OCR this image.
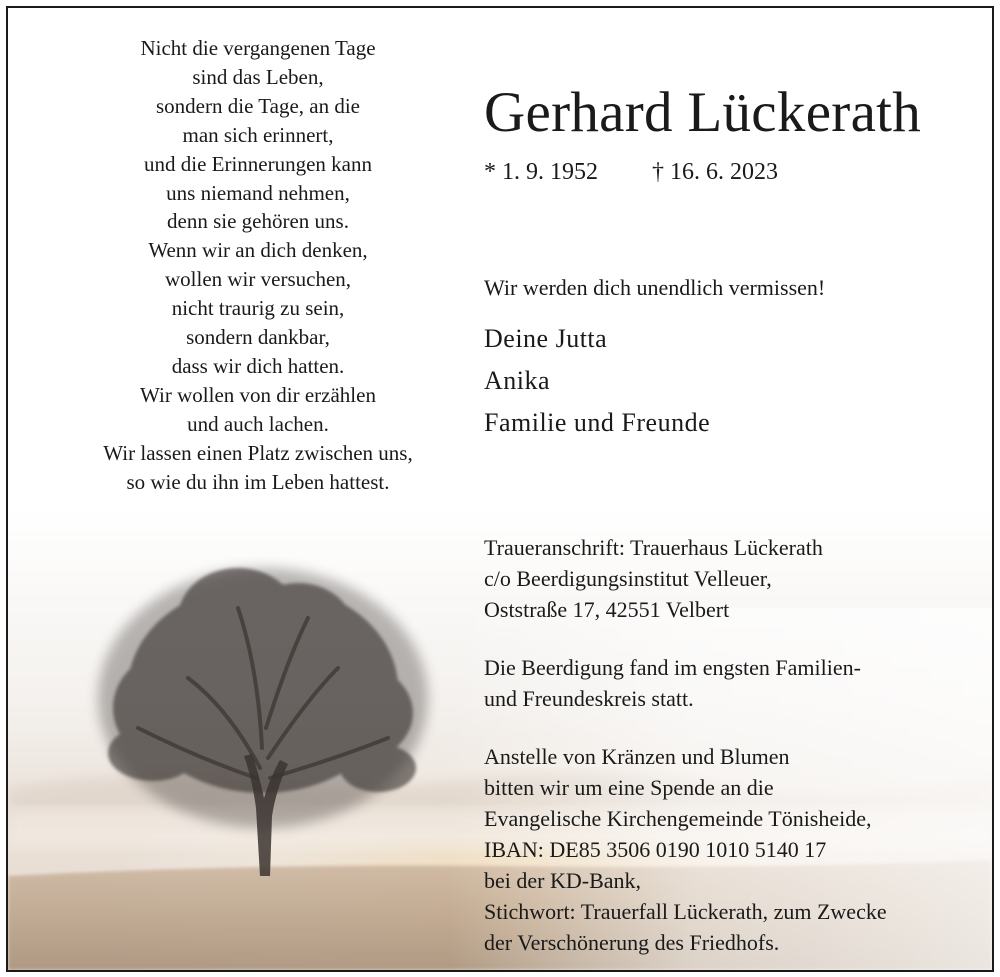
Nicht die vergangenen Tage
sind das Leben,
sondern die Tage, an die
man sich erinnert,
und die Erinnerungen kann
uns niemand nehmen,
denn sie gehören uns.
Wenn wir an dich denken,
wollen wir versuchen,
nicht traurig zu sein,
sondern dankbar,
dass wir dich hatten.
Wir wollen von dir erzählen
und auch lachen.
Wir lassen einen Platz zwischen uns,
so wie du ihn im Leben hattest.
Gerhard Lückerath
* 1. 9. 1952 † 16. 6. 2023
Wir werden dich unendlich vermissen!
Deine Jutta
Anika
Familie und Freunde
Traueranschrift: Trauerhaus Lückerath
c/o Beerdigungsinstitut Velleuer,
Oststraße 17, 42551 Velbert
Die Beerdigung fand im engsten Familien-
und Freundeskreis statt.
Anstelle von Kränzen und Blumen
bitten wir um eine Spende an die
Evangelische Kirchengemeinde Tönisheide,
IBAN: DE85 3506 0190 1010 5140 17
bei der KD-Bank,
Stichwort: Trauerfall Lückerath, zum Zwecke
der Verschönerung des Friedhofs.
